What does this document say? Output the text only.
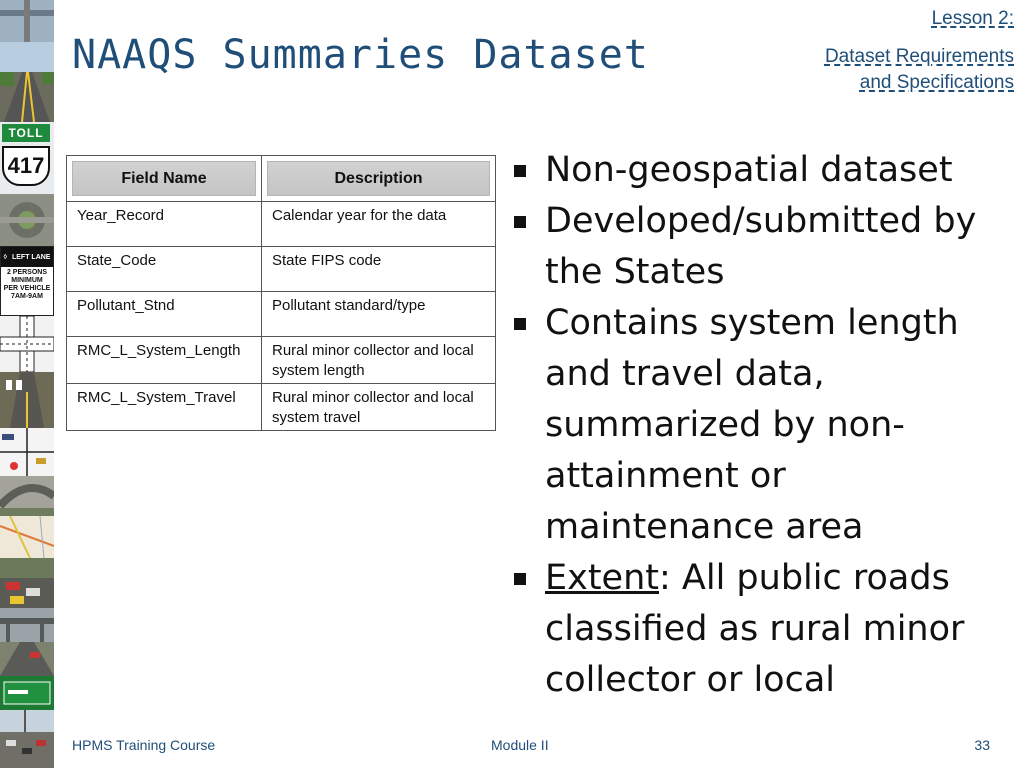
TOLL
417
◊ LEFT LANE
2 PERSONS
MINIMUM
PER VEHICLE
7AM-9AM
NAAQS Summaries Dataset
Lesson 2:
Dataset Requirements
and Specifications
Field Name	Description

Year_Record	Calendar year for the data
State_Code	State FIPS code
Pollutant_Stnd	Pollutant standard/type
RMC_L_System_Length	Rural minor collector and local system length
RMC_L_System_Travel	Rural minor collector and local system travel
Non-geospatial dataset
Developed/submitted by the States
Contains system length and travel data, summarized by non-attainment or maintenance area
Extent: All public roads classified as rural minor collector or local
HPMS Training Course	Module II	33
